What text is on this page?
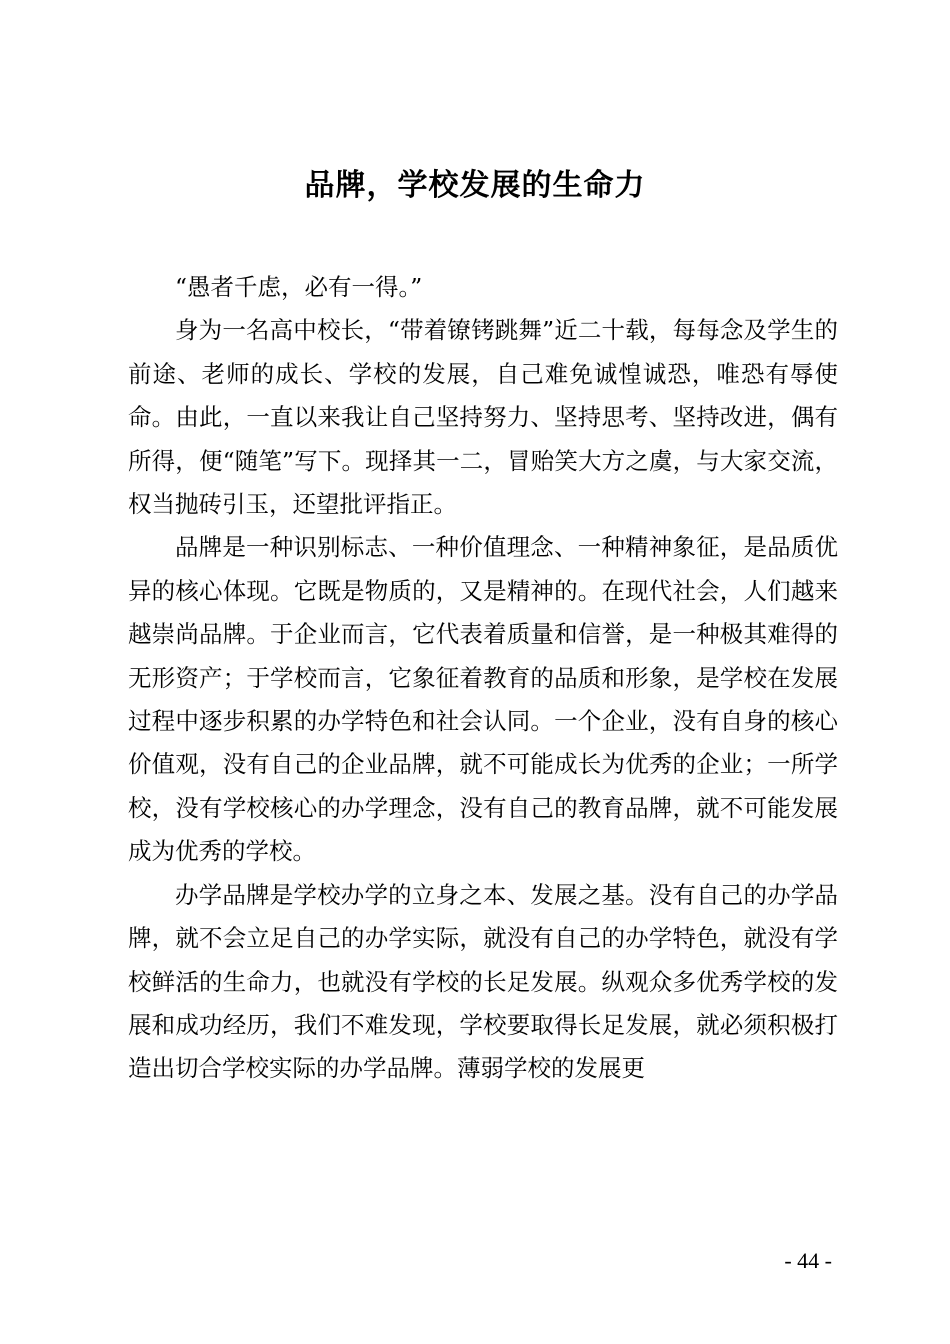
品牌，学校发展的生命力

“愚者千虑，必有一得。”

身为一名高中校长，“带着镣铐跳舞”近二十载，每每念及学生的前途、老师的成长、学校的发展，自己难免诚惶诚恐，唯恐有辱使命。由此，一直以来我让自己坚持努力、坚持思考、坚持改进，偶有所得，便“随笔”写下。现择其一二，冒贻笑大方之虞，与大家交流，权当抛砖引玉，还望批评指正。

品牌是一种识别标志、一种价值理念、一种精神象征，是品质优异的核心体现。它既是物质的，又是精神的。在现代社会，人们越来越崇尚品牌。于企业而言，它代表着质量和信誉，是一种极其难得的无形资产；于学校而言，它象征着教育的品质和形象，是学校在发展过程中逐步积累的办学特色和社会认同。一个企业，没有自身的核心价值观，没有自己的企业品牌，就不可能成长为优秀的企业；一所学校，没有学校核心的办学理念，没有自己的教育品牌，就不可能发展成为优秀的学校。

办学品牌是学校办学的立身之本、发展之基。没有自己的办学品牌，就不会立足自己的办学实际，就没有自己的办学特色，就没有学校鲜活的生命力，也就没有学校的长足发展。纵观众多优秀学校的发展和成功经历，我们不难发现，学校要取得长足发展，就必须积极打造出切合学校实际的办学品牌。薄弱学校的发展更

- 44 -
